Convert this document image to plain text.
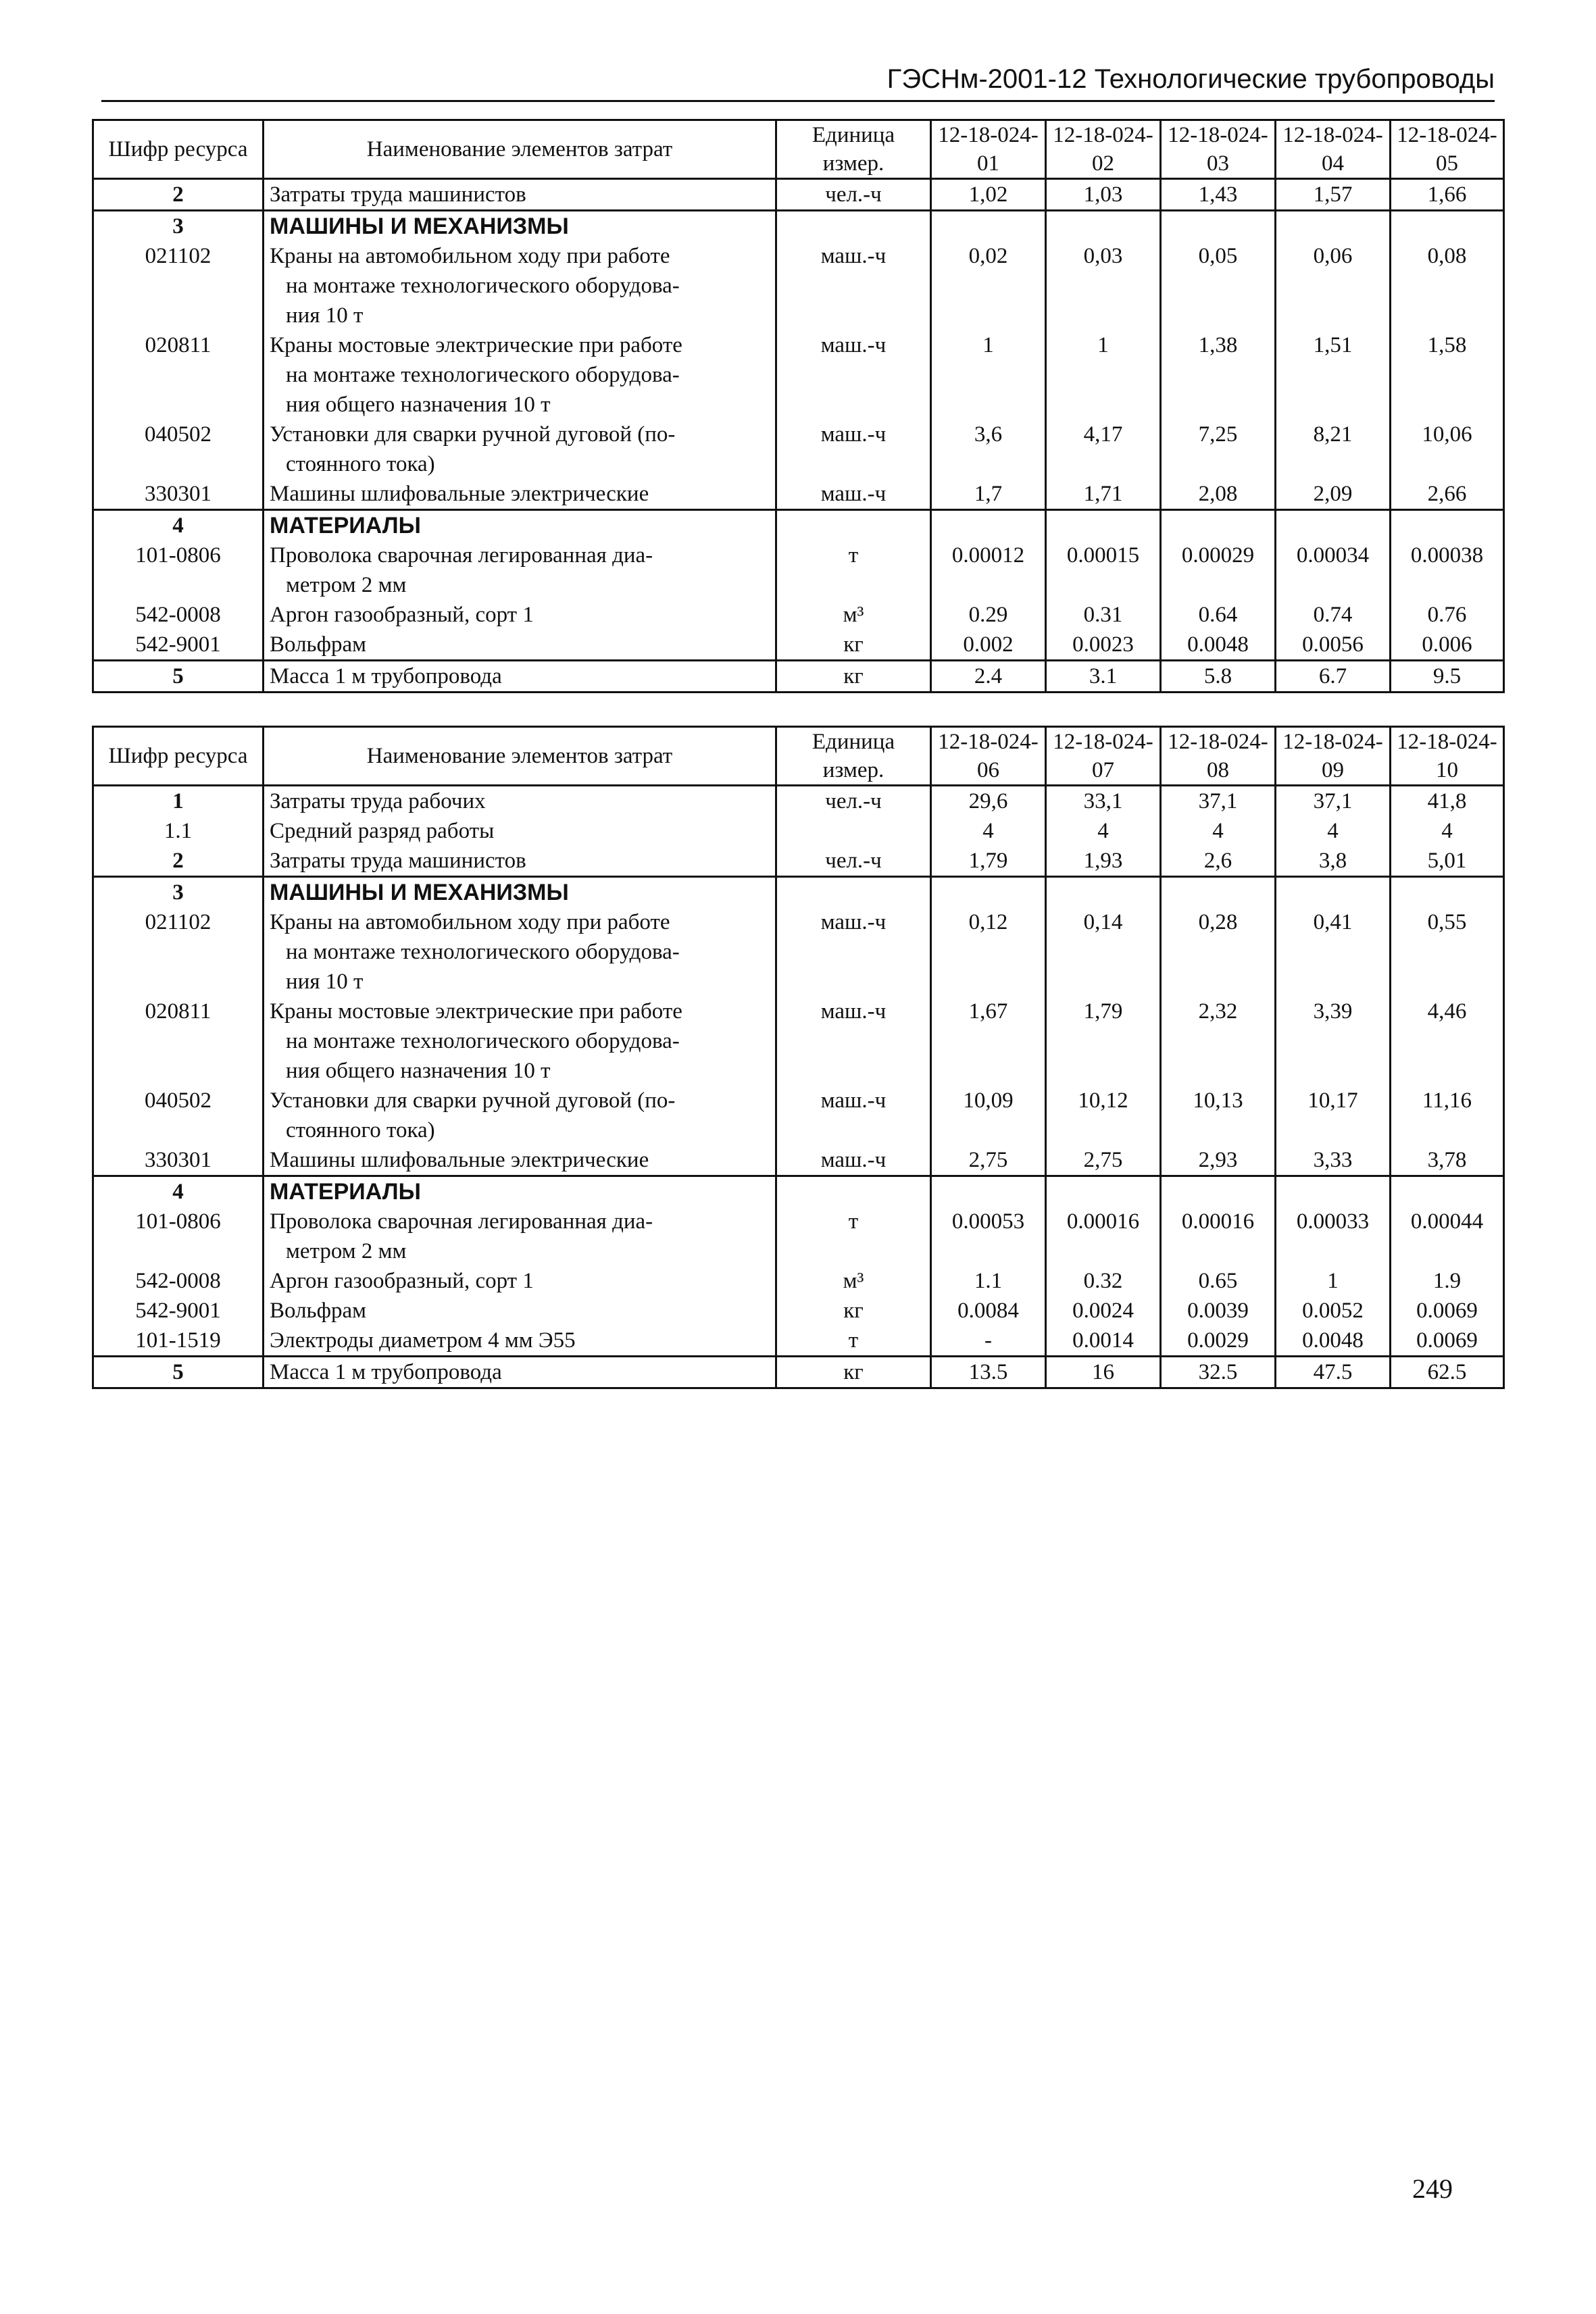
ГЭСНм-2001-12 Технологические трубопроводы
Шифр ресурса	Наименование элементов затрат	Единица измер.	12-18-024-01	12-18-024-02	12-18-024-03	12-18-024-04	12-18-024-05

2	Затраты труда машинистов	чел.-ч	1,02	1,03	1,43	1,57	1,66
3	МАШИНЫ И МЕХАНИЗМЫ						
021102	Краны на автомобильном ходу при работе
на монтаже технологического оборудова-
ния 10 т	маш.-ч	0,02	0,03	0,05	0,06	0,08
020811	Краны мостовые электрические при работе
на монтаже технологического оборудова-
ния общего назначения 10 т	маш.-ч	1	1	1,38	1,51	1,58
040502	Установки для сварки ручной дуговой (по-
стоянного тока)	маш.-ч	3,6	4,17	7,25	8,21	10,06
330301	Машины шлифовальные электрические	маш.-ч	1,7	1,71	2,08	2,09	2,66
4	МАТЕРИАЛЫ						
101-0806	Проволока сварочная легированная диа-
метром 2 мм	т	0.00012	0.00015	0.00029	0.00034	0.00038
542-0008	Аргон газообразный, сорт 1	м³	0.29	0.31	0.64	0.74	0.76
542-9001	Вольфрам	кг	0.002	0.0023	0.0048	0.0056	0.006
5	Масса 1 м трубопровода	кг	2.4	3.1	5.8	6.7	9.5
Шифр ресурса	Наименование элементов затрат	Единица измер.	12-18-024-06	12-18-024-07	12-18-024-08	12-18-024-09	12-18-024-10

1	Затраты труда рабочих	чел.-ч	29,6	33,1	37,1	37,1	41,8
1.1	Средний разряд работы		4	4	4	4	4
2	Затраты труда машинистов	чел.-ч	1,79	1,93	2,6	3,8	5,01
3	МАШИНЫ И МЕХАНИЗМЫ						
021102	Краны на автомобильном ходу при работе
на монтаже технологического оборудова-
ния 10 т	маш.-ч	0,12	0,14	0,28	0,41	0,55
020811	Краны мостовые электрические при работе
на монтаже технологического оборудова-
ния общего назначения 10 т	маш.-ч	1,67	1,79	2,32	3,39	4,46
040502	Установки для сварки ручной дуговой (по-
стоянного тока)	маш.-ч	10,09	10,12	10,13	10,17	11,16
330301	Машины шлифовальные электрические	маш.-ч	2,75	2,75	2,93	3,33	3,78
4	МАТЕРИАЛЫ						
101-0806	Проволока сварочная легированная диа-
метром 2 мм	т	0.00053	0.00016	0.00016	0.00033	0.00044
542-0008	Аргон газообразный, сорт 1	м³	1.1	0.32	0.65	1	1.9
542-9001	Вольфрам	кг	0.0084	0.0024	0.0039	0.0052	0.0069
101-1519	Электроды диаметром 4 мм Э55	т	-	0.0014	0.0029	0.0048	0.0069
5	Масса 1 м трубопровода	кг	13.5	16	32.5	47.5	62.5
249
